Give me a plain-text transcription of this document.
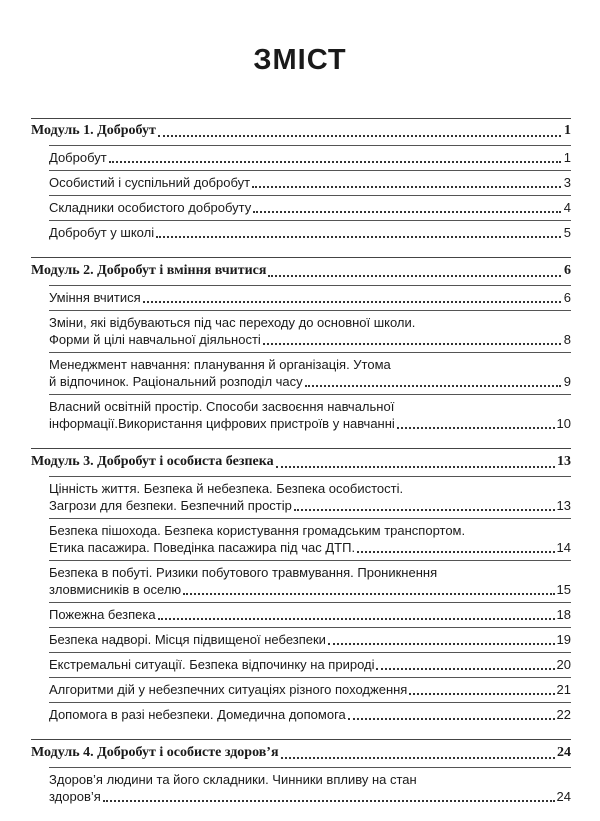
ЗМІСТ
Модуль 1. Добробут	1
Добробут	1
Особистий і суспільний добробут	3
Складники особистого добробуту	4
Добробут у школі	5
Модуль 2. Добробут і вміння вчитися	6
Уміння вчитися	6
Зміни, які відбуваються під час переходу до основної школи.
Форми й цілі навчальної діяльності	8
Менеджмент навчання: планування й організація. Утома
й відпочинок. Раціональний розподіл часу	9
Власний освітній простір. Способи засвоєння навчальної
інформації.Використання цифрових пристроїв у навчанні	10
Модуль 3. Добробут і особиста безпека	13
Цінність життя. Безпека й небезпека. Безпека особистості.
Загрози для безпеки. Безпечний простір	13
Безпека пішохода. Безпека користування громадським транспортом.
Етика пасажира. Поведінка пасажира під час ДТП.	14
Безпека в побуті. Ризики побутового травмування. Проникнення
зловмисників в оселю	15
Пожежна безпека	18
Безпека надворі. Місця підвищеної небезпеки	19
Екстремальні ситуації. Безпека відпочинку на природі	20
Алгоритми дій у небезпечних ситуаціях різного походження	21
Допомога в разі небезпеки. Домедична допомога	22
Модуль 4. Добробут і особисте здоров’я	24
Здоров’я людини та його складники. Чинники впливу на стан
здоров’я	24
